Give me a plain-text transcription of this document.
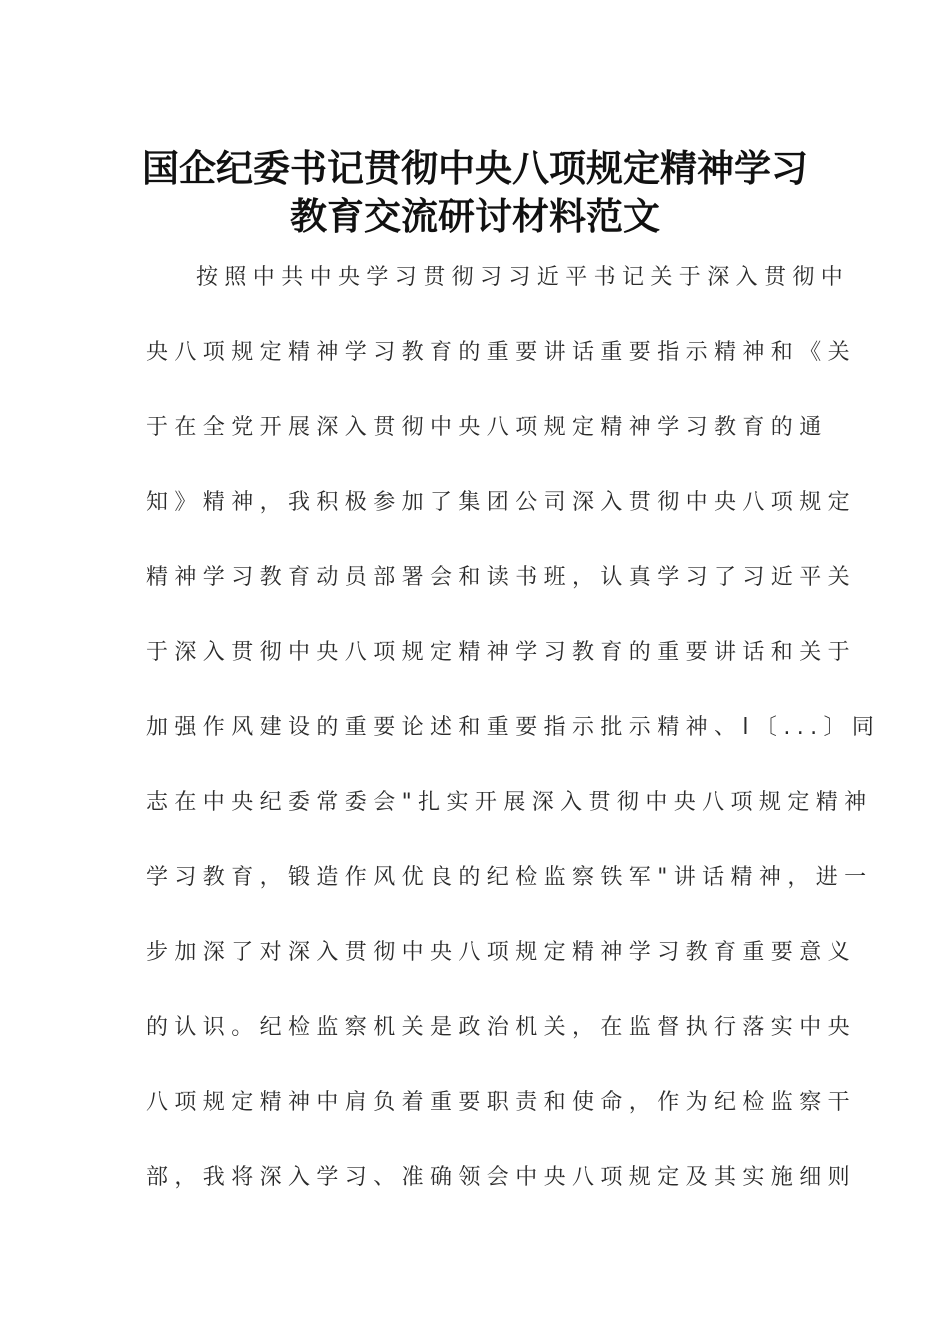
国企纪委书记贯彻中央八项规定精神学习
教育交流研讨材料范文
按照中共中央学习贯彻习习近平书记关于深入贯彻中
央八项规定精神学习教育的重要讲话重要指示精神和《关
于在全党开展深入贯彻中央八项规定精神学习教育的通
知》精神，我积极参加了集团公司深入贯彻中央八项规定
精神学习教育动员部署会和读书班，认真学习了习近平关
于深入贯彻中央八项规定精神学习教育的重要讲话和关于
加强作风建设的重要论述和重要指示批示精神、l〔...〕同
志在中央纪委常委会"扎实开展深入贯彻中央八项规定精神
学习教育，锻造作风优良的纪检监察铁军"讲话精神，进一
步加深了对深入贯彻中央八项规定精神学习教育重要意义
的认识。纪检监察机关是政治机关，在监督执行落实中央
八项规定精神中肩负着重要职责和使命，作为纪检监察干
部，我将深入学习、准确领会中央八项规定及其实施细则
